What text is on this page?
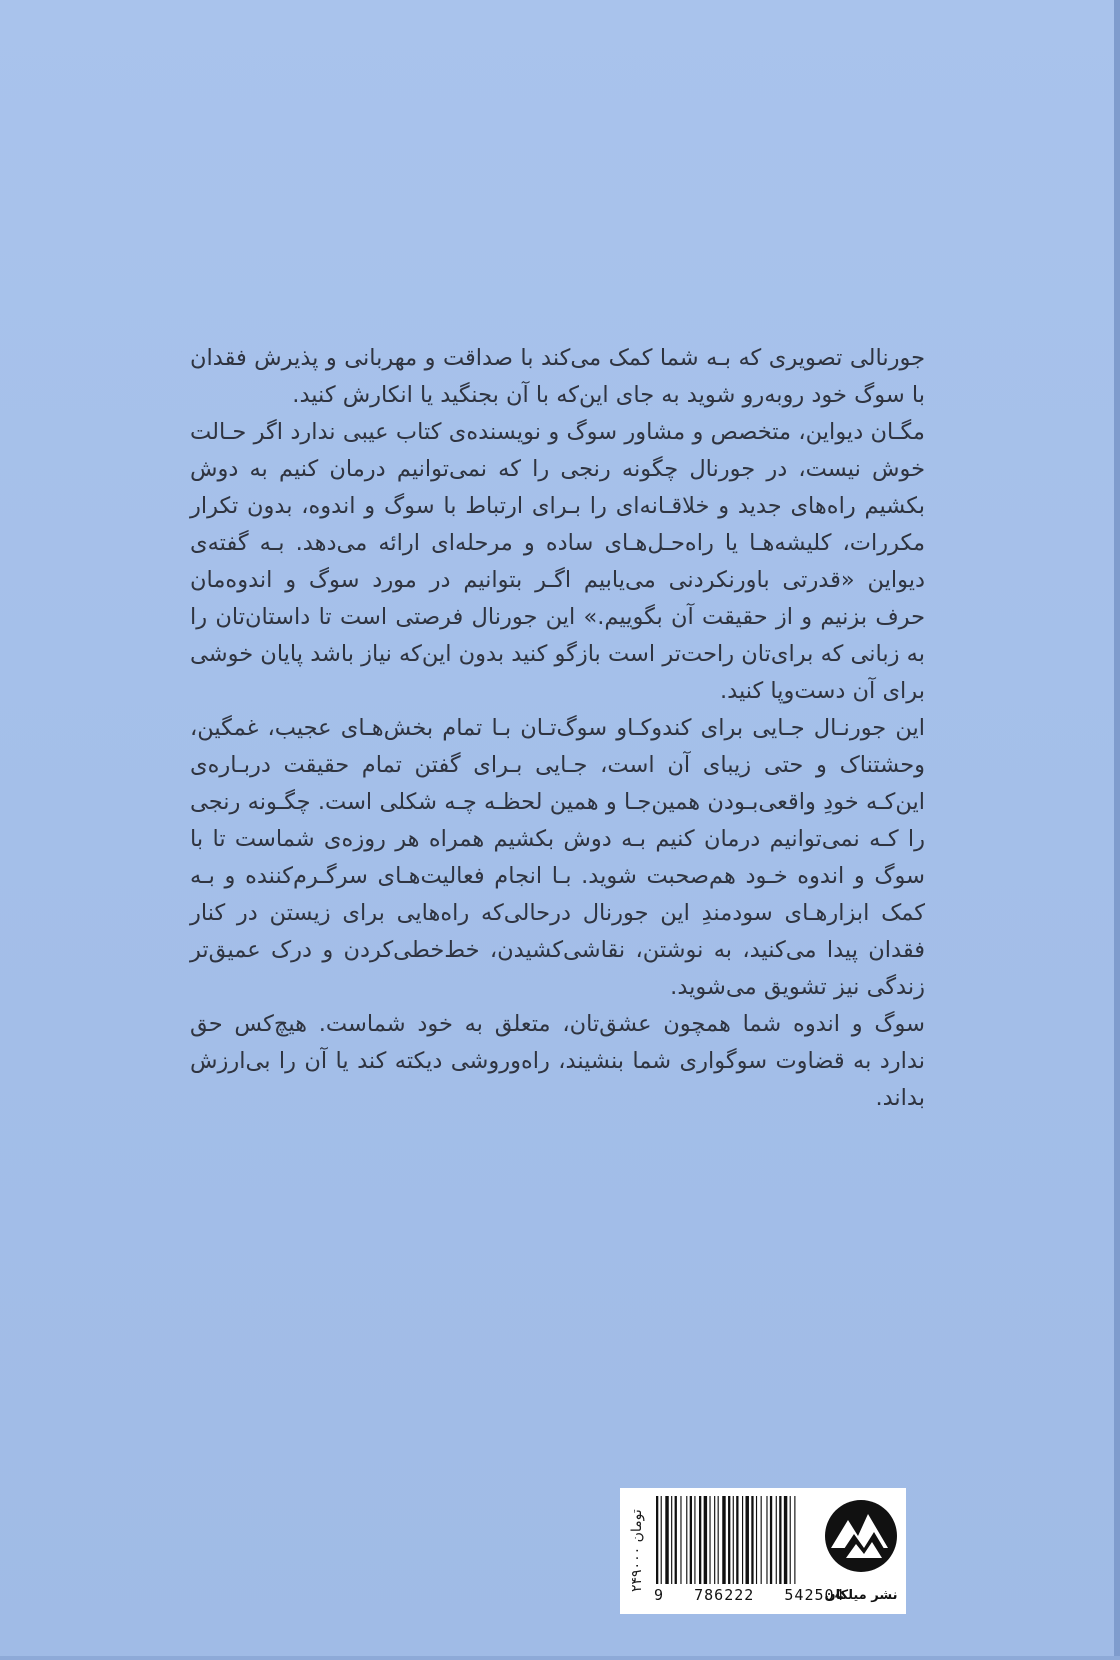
جورنالی تصویری که بـه شما کمک می‌کند با صداقت و مهربانی و پذیرش فقدان با سوگ خود روبه‌رو شوید به جای این‌که با آن بجنگید یا انکارش کنید.

مگـان دیواین، متخصص و مشاور سوگ و نویسنده‌ی کتاب عیبی ندارد اگر حـالت خوش نیست، در جورنال چگونه رنجی را که نمی‌توانیم درمان کنیم به دوش بکشیم راه‌های جدید و خلاقـانه‌ای را بـرای ارتباط با سوگ و اندوه، بدون تکرار مکررات، کلیشه‌هـا یا راه‌حـل‌هـای ساده و مرحله‌ای ارائه می‌دهد. بـه گفته‌ی دیواین «قدرتی باورنکردنی می‌یابیم اگـر بتوانیم در مورد سوگ و اندوه‌مان حرف بزنیم و از حقیقت آن بگوییم.» این جورنال فرصتی است تا داستان‌تان را به زبانی که برای‌تان راحت‌تر است بازگو کنید بدون این‌که نیاز باشد پایان خوشی برای آن دست‌وپا کنید.

این جورنـال جـایی برای کندوکـاو سوگ‌تـان بـا تمام بخش‌هـای عجیب، غمگین، وحشتناک و حتی زیبای آن است، جـایی بـرای گفتن تمام حقیقت دربـاره‌ی این‌کـه خودِ واقعی‌بـودن همین‌جـا و همین لحظـه چـه شکلی است. چگـونه رنجی را کـه نمی‌توانیم درمان کنیم بـه دوش بکشیم همراه هر روزه‌ی شماست تا با سوگ و اندوه خـود هم‌صحبت شوید. بـا انجام فعالیت‌هـای سرگـرم‌کننده و بـه کمک ابزارهـای سودمندِ این جورنال درحالی‌که راه‌هایی برای زیستن در کنار فقدان پیدا می‌کنید، به نوشتن، نقاشی‌کشیدن، خط‌خطی‌کردن و درک عمیق‌تر زندگی نیز تشویق می‌شوید.

سوگ و اندوه شما همچون عشق‌تان، متعلق به خود شماست. هیچ‌کس حق ندارد به قضاوت سوگواری شما بنشیند، راه‌وروشی دیکته کند یا آن را بی‌ارزش بداند.

۲۴۹۰۰۰ تومان
9   786222   542504
نشر میلکان
